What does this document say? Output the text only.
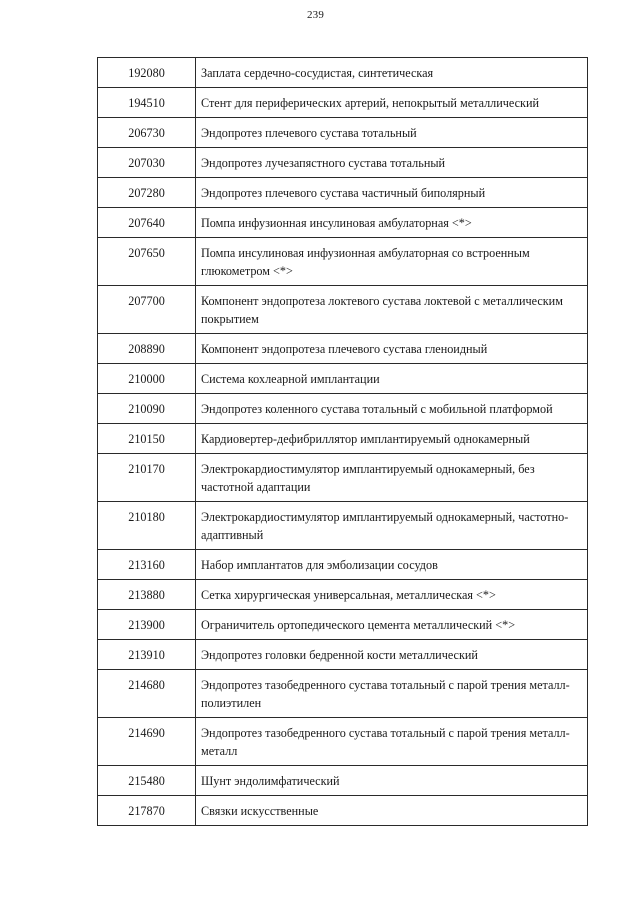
239
192080	Заплата сердечно-сосудистая, синтетическая
194510	Стент для периферических артерий, непокрытый металлический
206730	Эндопротез плечевого сустава тотальный
207030	Эндопротез лучезапястного сустава тотальный
207280	Эндопротез плечевого сустава частичный биполярный
207640	Помпа инфузионная инсулиновая амбулаторная <*>
207650	Помпа инсулиновая инфузионная амбулаторная со встроенным глюкометром <*>
207700	Компонент эндопротеза локтевого сустава локтевой с металлическим покрытием
208890	Компонент эндопротеза плечевого сустава гленоидный
210000	Система кохлеарной имплантации
210090	Эндопротез коленного сустава тотальный с мобильной платформой
210150	Кардиовертер-дефибриллятор имплантируемый однокамерный
210170	Электрокардиостимулятор имплантируемый однокамерный, без частотной адаптации
210180	Электрокардиостимулятор имплантируемый однокамерный, частотно-адаптивный
213160	Набор имплантатов для эмболизации сосудов
213880	Сетка хирургическая универсальная, металлическая <*>
213900	Ограничитель ортопедического цемента металлический <*>
213910	Эндопротез головки бедренной кости металлический
214680	Эндопротез тазобедренного сустава тотальный с парой трения металл-полиэтилен
214690	Эндопротез тазобедренного сустава тотальный с парой трения металл-металл
215480	Шунт эндолимфатический
217870	Связки искусственные
